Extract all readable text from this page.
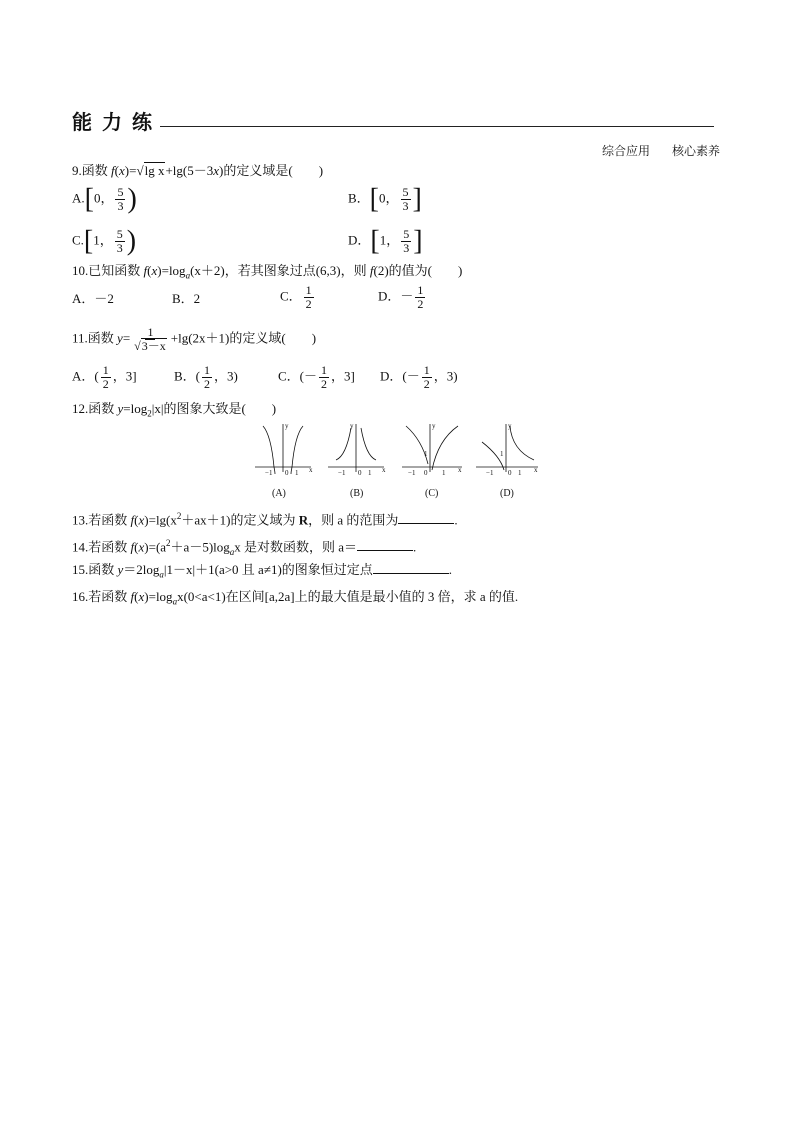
能力练
综合应用 核心素养
9.函数 f(x)=√lg x+lg(5－3x)的定义域是(　　)
A.[0， $\frac{5}{3}$ )	B．[0， $\frac{5}{3}$ ]
C.[1， $\frac{5}{3}$ )	D．[1， $\frac{5}{3}$ ]
10.已知函数 $f(x)=\log_a(x+2)$，若其图象过点(6,3)，则 f(2)的值为(　　)
A．－2	B．2	C． $\frac{1}{2}$	D．－ $\frac{1}{2}$
11.函数 $y= \frac{1}{√3-x} +\lg(2x+1)$的定义域(　　)
A．( $\frac{1}{2}$ ，3]	B．( $\frac{1}{2}$ ，3)	C．(－ $\frac{1}{2}$ ，3] D．(－ $\frac{1}{2}$ ，3)
12.函数 $y=\log_2|x|$的图象大致是(　　)
y
−1 0 1 x
y
−1 0 1 x
y
1
−1 0 1 x
y
1
−1 0 1 x
(A)	(B)	(C)	(D)
13.若函数 $f(x)=\lg(x^2+ax+1)$的定义域为 R，则 a 的范围为	.
14.若函数 $f(x)=(a^2+a-5)\log_ax$ 是对数函数，则 a＝	.
15.函数 $y=2\log_a|1-x|+1(a>0$ 且 a≠1)的图象恒过定点	.
16.若函数 $f(x)=\log_ax(0<a<1)$在区间[a,2a]上的最大值是最小值的 3 倍，求 a 的值.
